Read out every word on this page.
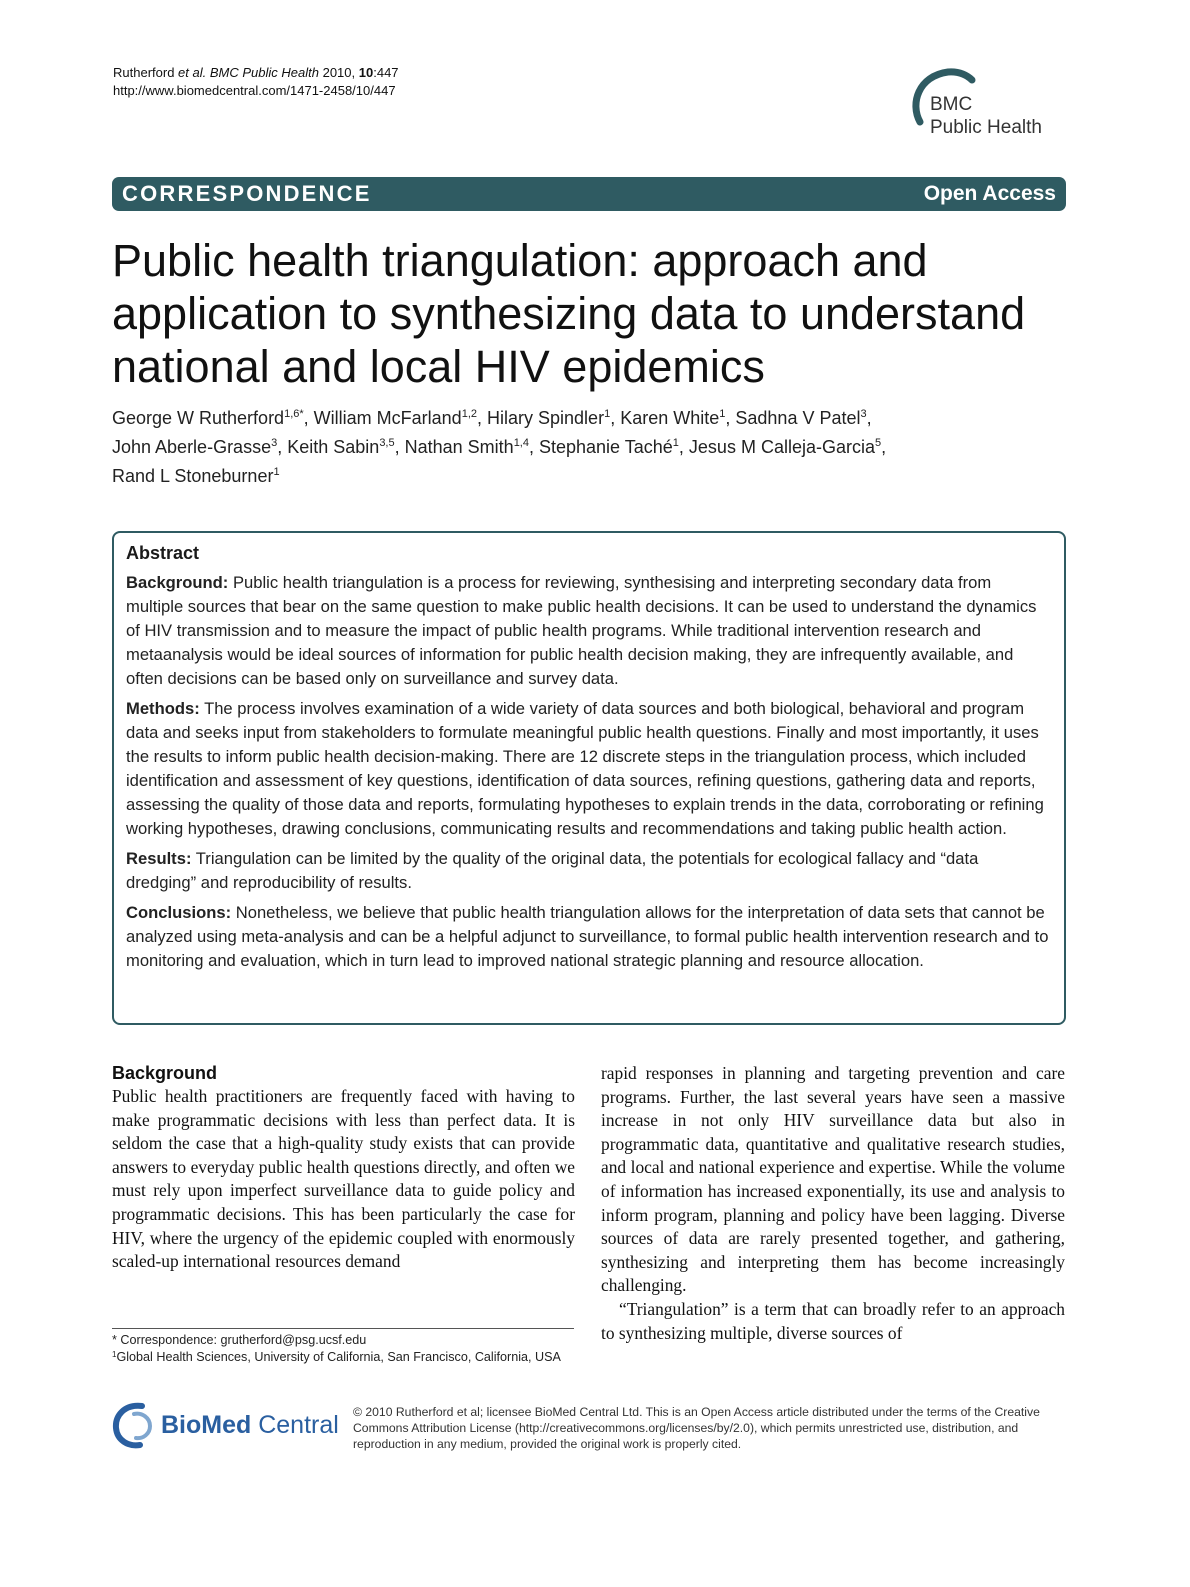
Rutherford et al. BMC Public Health 2010, 10:447
http://www.biomedcentral.com/1471-2458/10/447
BMC
Public Health
CORRESPONDENCE	Open Access
Public health triangulation: approach and
application to synthesizing data to understand
national and local HIV epidemics
George W Rutherford$^{1,6*}$, William McFarland$^{1,2}$, Hilary Spindler$^1$, Karen White$^1$, Sadhna V Patel$^3$,
John Aberle-Grasse$^3$, Keith Sabin$^{3,5}$, Nathan Smith$^{1,4}$, Stephanie Taché$^1$, Jesus M Calleja-Garcia$^5$,
Rand L Stoneburner$^1$
Abstract

Background: Public health triangulation is a process for reviewing, synthesising and interpreting secondary data from multiple sources that bear on the same question to make public health decisions. It can be used to understand the dynamics of HIV transmission and to measure the impact of public health programs. While traditional intervention research and metaanalysis would be ideal sources of information for public health decision making, they are infrequently available, and often decisions can be based only on surveillance and survey data.

Methods: The process involves examination of a wide variety of data sources and both biological, behavioral and program data and seeks input from stakeholders to formulate meaningful public health questions. Finally and most importantly, it uses the results to inform public health decision-making. There are 12 discrete steps in the triangulation process, which included identification and assessment of key questions, identification of data sources, refining questions, gathering data and reports, assessing the quality of those data and reports, formulating hypotheses to explain trends in the data, corroborating or refining working hypotheses, drawing conclusions, communicating results and recommendations and taking public health action.

Results: Triangulation can be limited by the quality of the original data, the potentials for ecological fallacy and “data dredging” and reproducibility of results.

Conclusions: Nonetheless, we believe that public health triangulation allows for the interpretation of data sets that cannot be analyzed using meta-analysis and can be a helpful adjunct to surveillance, to formal public health intervention research and to monitoring and evaluation, which in turn lead to improved national strategic planning and resource allocation.

Background

Public health practitioners are frequently faced with having to make programmatic decisions with less than perfect data. It is seldom the case that a high-quality study exists that can provide answers to everyday public health questions directly, and often we must rely upon imperfect surveillance data to guide policy and programmatic decisions. This has been particularly the case for HIV, where the urgency of the epidemic coupled with enormously scaled-up international resources demand

rapid responses in planning and targeting prevention and care programs. Further, the last several years have seen a massive increase in not only HIV surveillance data but also in programmatic data, quantitative and qualitative research studies, and local and national experience and expertise. While the volume of information has increased exponentially, its use and analysis to inform program, planning and policy have been lagging. Diverse sources of data are rarely presented together, and gathering, synthesizing and interpreting them has become increasingly challenging.

“Triangulation” is a term that can broadly refer to an approach to synthesizing multiple, diverse sources of

* Correspondence: grutherford@psg.ucsf.edu

$^1$Global Health Sciences, University of California, San Francisco, California, USA

BioMed Central © 2010 Rutherford et al; licensee BioMed Central Ltd. This is an Open Access article distributed under the terms of the Creative Commons Attribution License (http://creativecommons.org/licenses/by/2.0), which permits unrestricted use, distribution, and reproduction in any medium, provided the original work is properly cited.
